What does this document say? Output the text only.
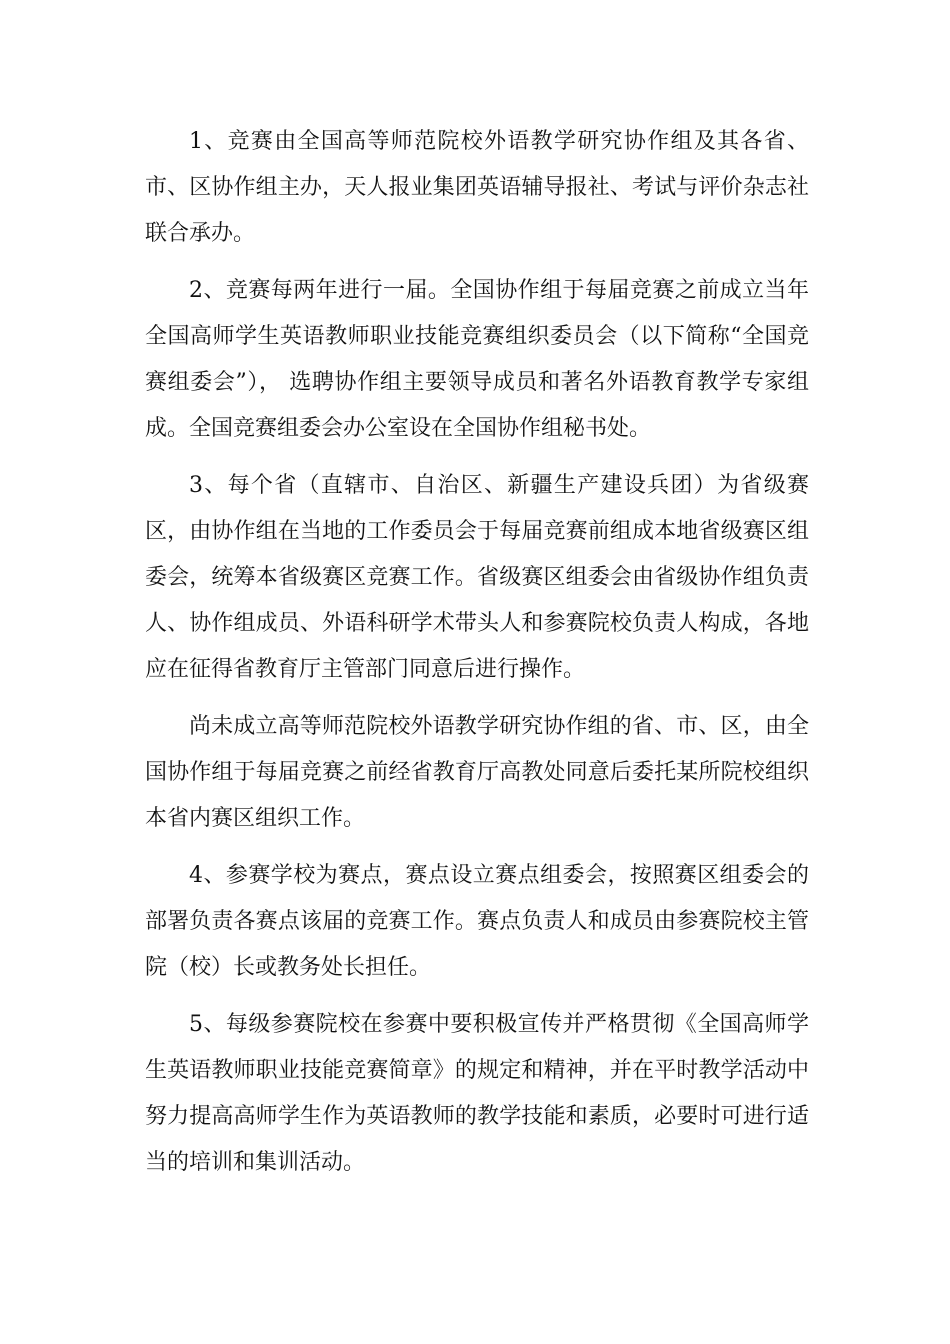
1、竞赛由全国高等师范院校外语教学研究协作组及其各省、市、区协作组主办，天人报业集团英语辅导报社、考试与评价杂志社联合承办。

2、竞赛每两年进行一届。全国协作组于每届竞赛之前成立当年全国高师学生英语教师职业技能竞赛组织委员会（以下简称“全国竞赛组委会”）， 选聘协作组主要领导成员和著名外语教育教学专家组成。全国竞赛组委会办公室设在全国协作组秘书处。

3、每个省（直辖市、自治区、新疆生产建设兵团）为省级赛区，由协作组在当地的工作委员会于每届竞赛前组成本地省级赛区组委会，统筹本省级赛区竞赛工作。省级赛区组委会由省级协作组负责人、协作组成员、外语科研学术带头人和参赛院校负责人构成，各地应在征得省教育厅主管部门同意后进行操作。

尚未成立高等师范院校外语教学研究协作组的省、市、区，由全国协作组于每届竞赛之前经省教育厅高教处同意后委托某所院校组织本省内赛区组织工作。

4、参赛学校为赛点，赛点设立赛点组委会，按照赛区组委会的部署负责各赛点该届的竞赛工作。赛点负责人和成员由参赛院校主管院（校）长或教务处长担任。

5、每级参赛院校在参赛中要积极宣传并严格贯彻《全国高师学生英语教师职业技能竞赛简章》的规定和精神，并在平时教学活动中努力提高高师学生作为英语教师的教学技能和素质，必要时可进行适当的培训和集训活动。
